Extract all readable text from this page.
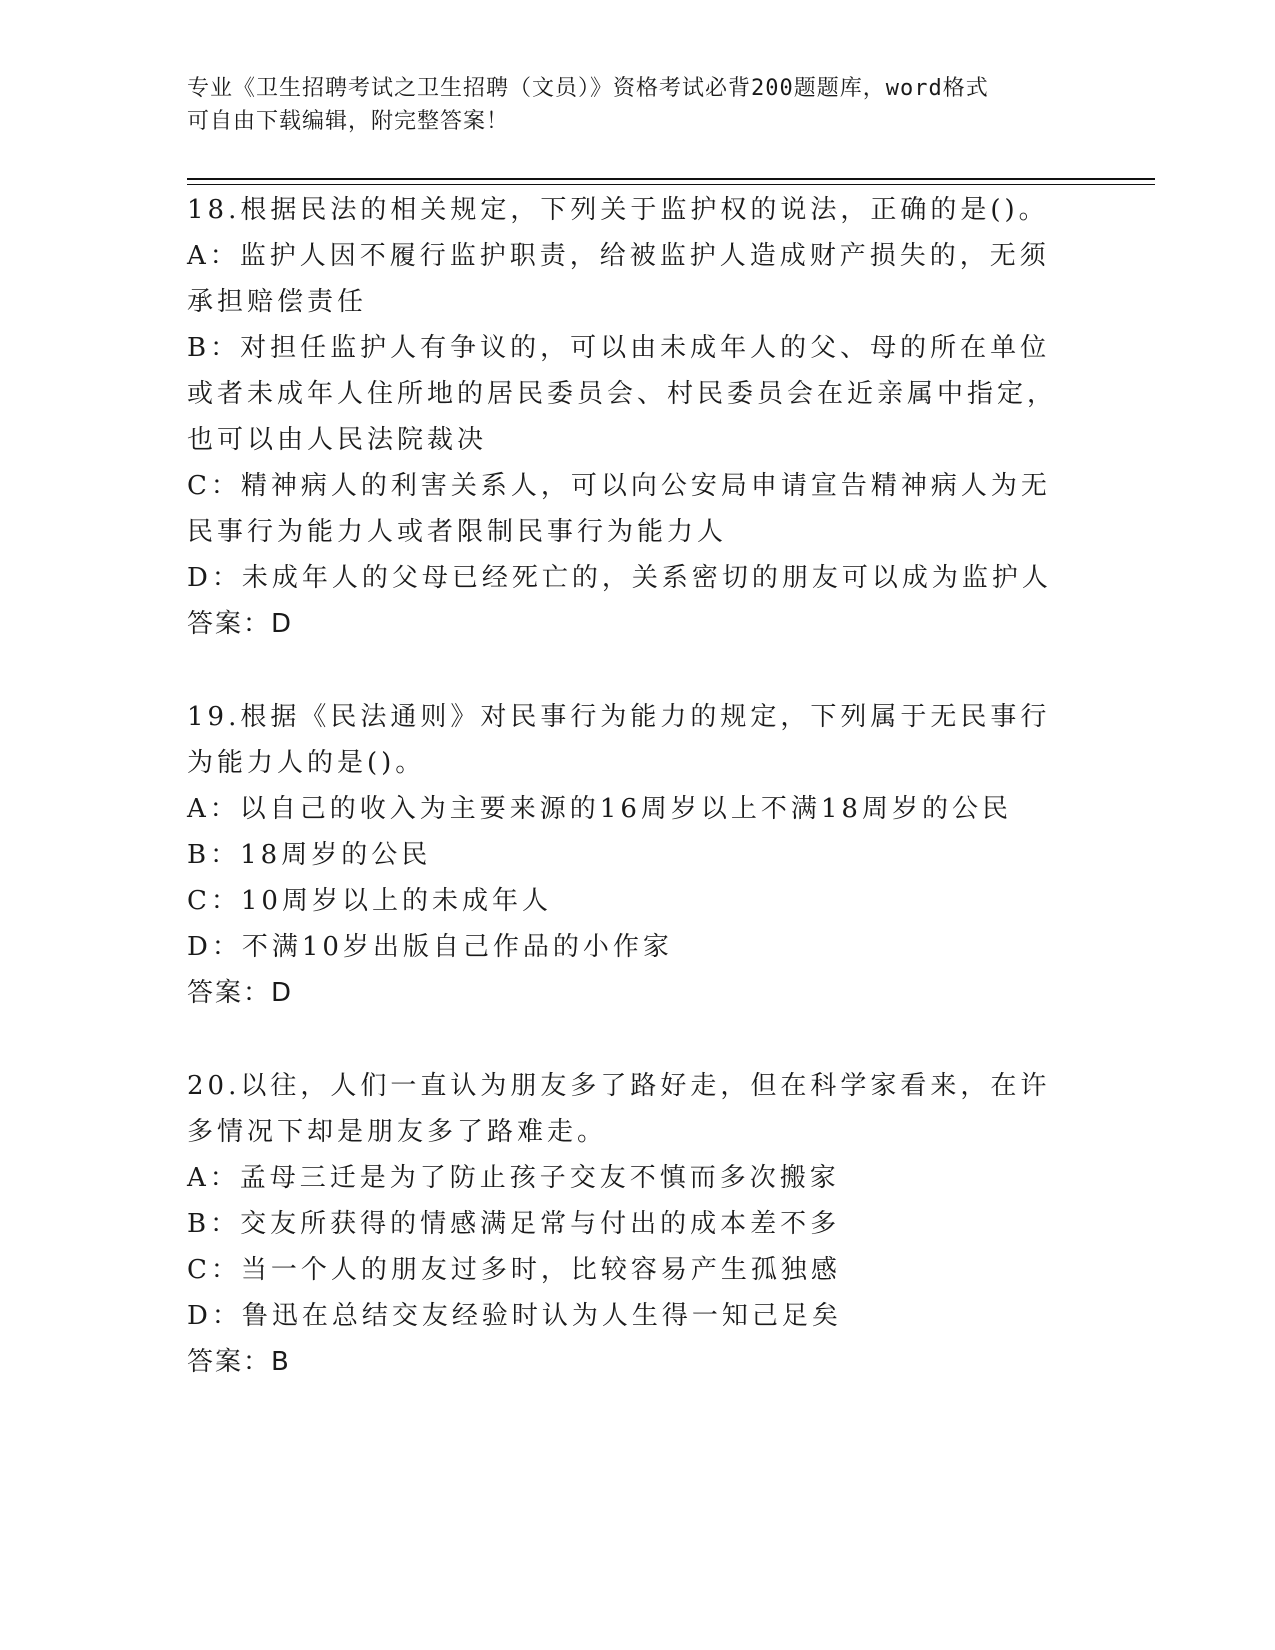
专业《卫生招聘考试之卫生招聘（文员）》资格考试必背200题题库，word格式
可自由下载编辑，附完整答案！
18.根据民法的相关规定，下列关于监护权的说法，正确的是()。
A：监护人因不履行监护职责，给被监护人造成财产损失的，无须承担赔偿责任
B：对担任监护人有争议的，可以由未成年人的父、母的所在单位或者未成年人住所地的居民委员会、村民委员会在近亲属中指定，也可以由人民法院裁决
C：精神病人的利害关系人，可以向公安局申请宣告精神病人为无民事行为能力人或者限制民事行为能力人
D：未成年人的父母已经死亡的，关系密切的朋友可以成为监护人
答案：D
19.根据《民法通则》对民事行为能力的规定，下列属于无民事行为能力人的是()。
A：以自己的收入为主要来源的16周岁以上不满18周岁的公民
B：18周岁的公民
C：10周岁以上的未成年人
D：不满10岁出版自己作品的小作家
答案：D
20.以往，人们一直认为朋友多了路好走，但在科学家看来，在许多情况下却是朋友多了路难走。
A：孟母三迁是为了防止孩子交友不慎而多次搬家
B：交友所获得的情感满足常与付出的成本差不多
C：当一个人的朋友过多时，比较容易产生孤独感
D：鲁迅在总结交友经验时认为人生得一知己足矣
答案：B
